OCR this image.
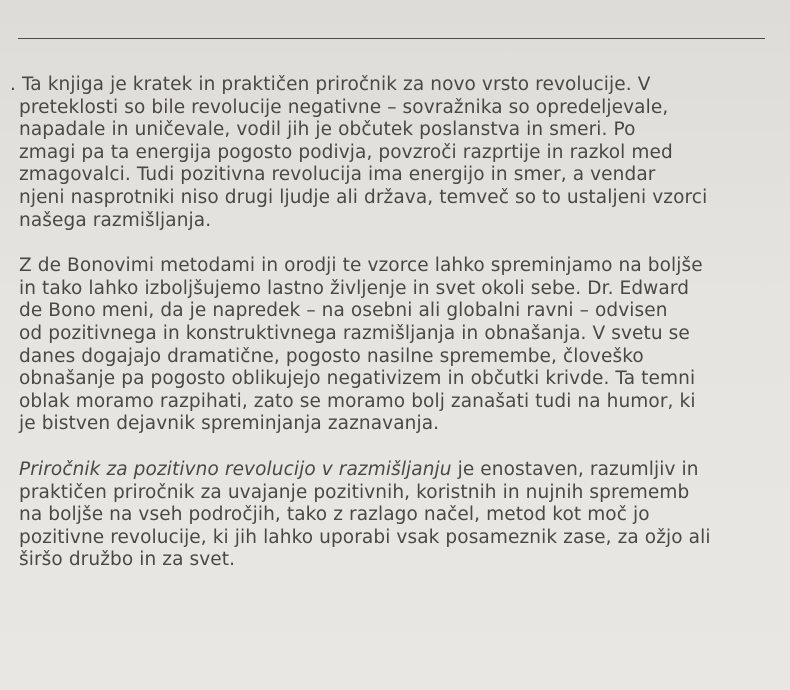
. Ta knjiga je kratek in praktičen priročnik za novo vrsto revolucije. V
preteklosti so bile revolucije negativne – sovražnika so opredeljevale,
napadale in uničevale, vodil jih je občutek poslanstva in smeri. Po
zmagi pa ta energija pogosto podivja, povzroči razprtije in razkol med
zmagovalci. Tudi pozitivna revolucija ima energijo in smer, a vendar
njeni nasprotniki niso drugi ljudje ali država, temveč so to ustaljeni vzorci
našega razmišljanja.

Z de Bonovimi metodami in orodji te vzorce lahko spreminjamo na boljše
in tako lahko izboljšujemo lastno življenje in svet okoli sebe. Dr. Edward
de Bono meni, da je napredek – na osebni ali globalni ravni – odvisen
od pozitivnega in konstruktivnega razmišljanja in obnašanja. V svetu se
danes dogajajo dramatične, pogosto nasilne spremembe, človeško
obnašanje pa pogosto oblikujejo negativizem in občutki krivde. Ta temni
oblak moramo razpihati, zato se moramo bolj zanašati tudi na humor, ki
je bistven dejavnik spreminjanja zaznavanja.

Priročnik za pozitivno revolucijo v razmišljanju je enostaven, razumljiv in
praktičen priročnik za uvajanje pozitivnih, koristnih in nujnih sprememb
na boljše na vseh področjih, tako z razlago načel, metod kot moč jo
pozitivne revolucije, ki jih lahko uporabi vsak posameznik zase, za ožjo ali
širšo družbo in za svet.
